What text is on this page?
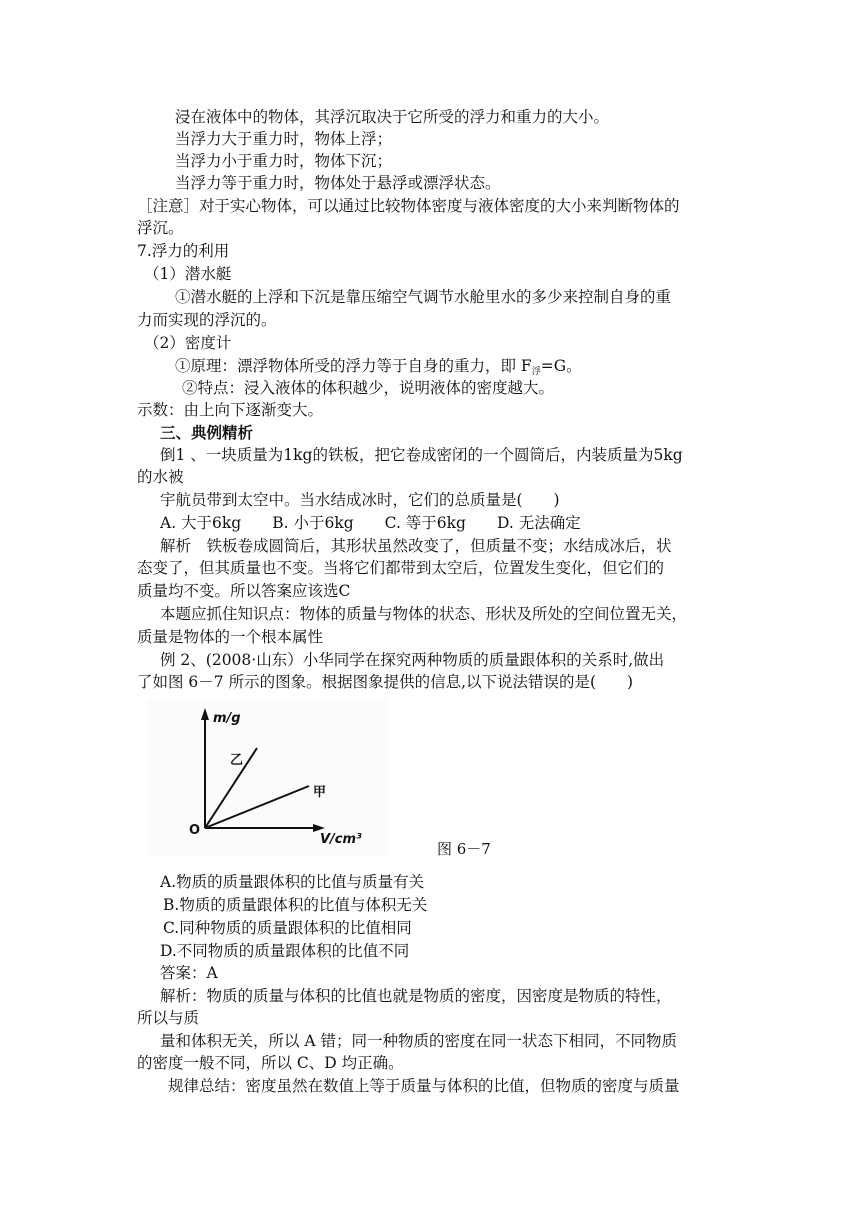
浸在液体中的物体，其浮沉取决于它所受的浮力和重力的大小。
当浮力大于重力时，物体上浮；
当浮力小于重力时，物体下沉；
当浮力等于重力时，物体处于悬浮或漂浮状态。
［注意］对于实心物体，可以通过比较物体密度与液体密度的大小来判断物体的
浮沉。
7.浮力的利用
（1）潜水艇
①潜水艇的上浮和下沉是靠压缩空气调节水舱里水的多少来控制自身的重
力而实现的浮沉的。
（2）密度计
①原理：漂浮物体所受的浮力等于自身的重力，即 $F_浮=G$。
②特点：浸入液体的体积越少，说明液体的密度越大。
示数：由上向下逐渐变大。
三、典例精析
倒1 、一块质量为1kg的铁板，把它卷成密闭的一个圆筒后，内装质量为5kg
的水被
宇航员带到太空中。当水结成冰时，它们的总质量是(　　)
A. 大于6kg　　B. 小于6kg　　C. 等于6kg　　D. 无法确定
解析　铁板卷成圆筒后，其形状虽然改变了，但质量不变；水结成冰后，状
态变了，但其质量也不变。当将它们都带到太空后，位置发生变化，但它们的
质量均不变。所以答案应该选C
本题应抓住知识点：物体的质量与物体的状态、形状及所处的空间位置无关，
质量是物体的一个根本属性
例 2、(2008·山东）小华同学在探究两种物质的质量跟体积的关系时,做出
了如图 6－7 所示的图象。根据图象提供的信息,以下说法错误的是(　　)
m/g
V/cm³
O
乙
甲
图 6－7
A.物质的质量跟体积的比值与质量有关
B.物质的质量跟体积的比值与体积无关
C.同种物质的质量跟体积的比值相同
D.不同物质的质量跟体积的比值不同
答案：A
解析：物质的质量与体积的比值也就是物质的密度，因密度是物质的特性，
所以与质
量和体积无关，所以 A 错；同一种物质的密度在同一状态下相同，不同物质
的密度一般不同，所以 C、D 均正确。
规律总结：密度虽然在数值上等于质量与体积的比值，但物质的密度与质量
